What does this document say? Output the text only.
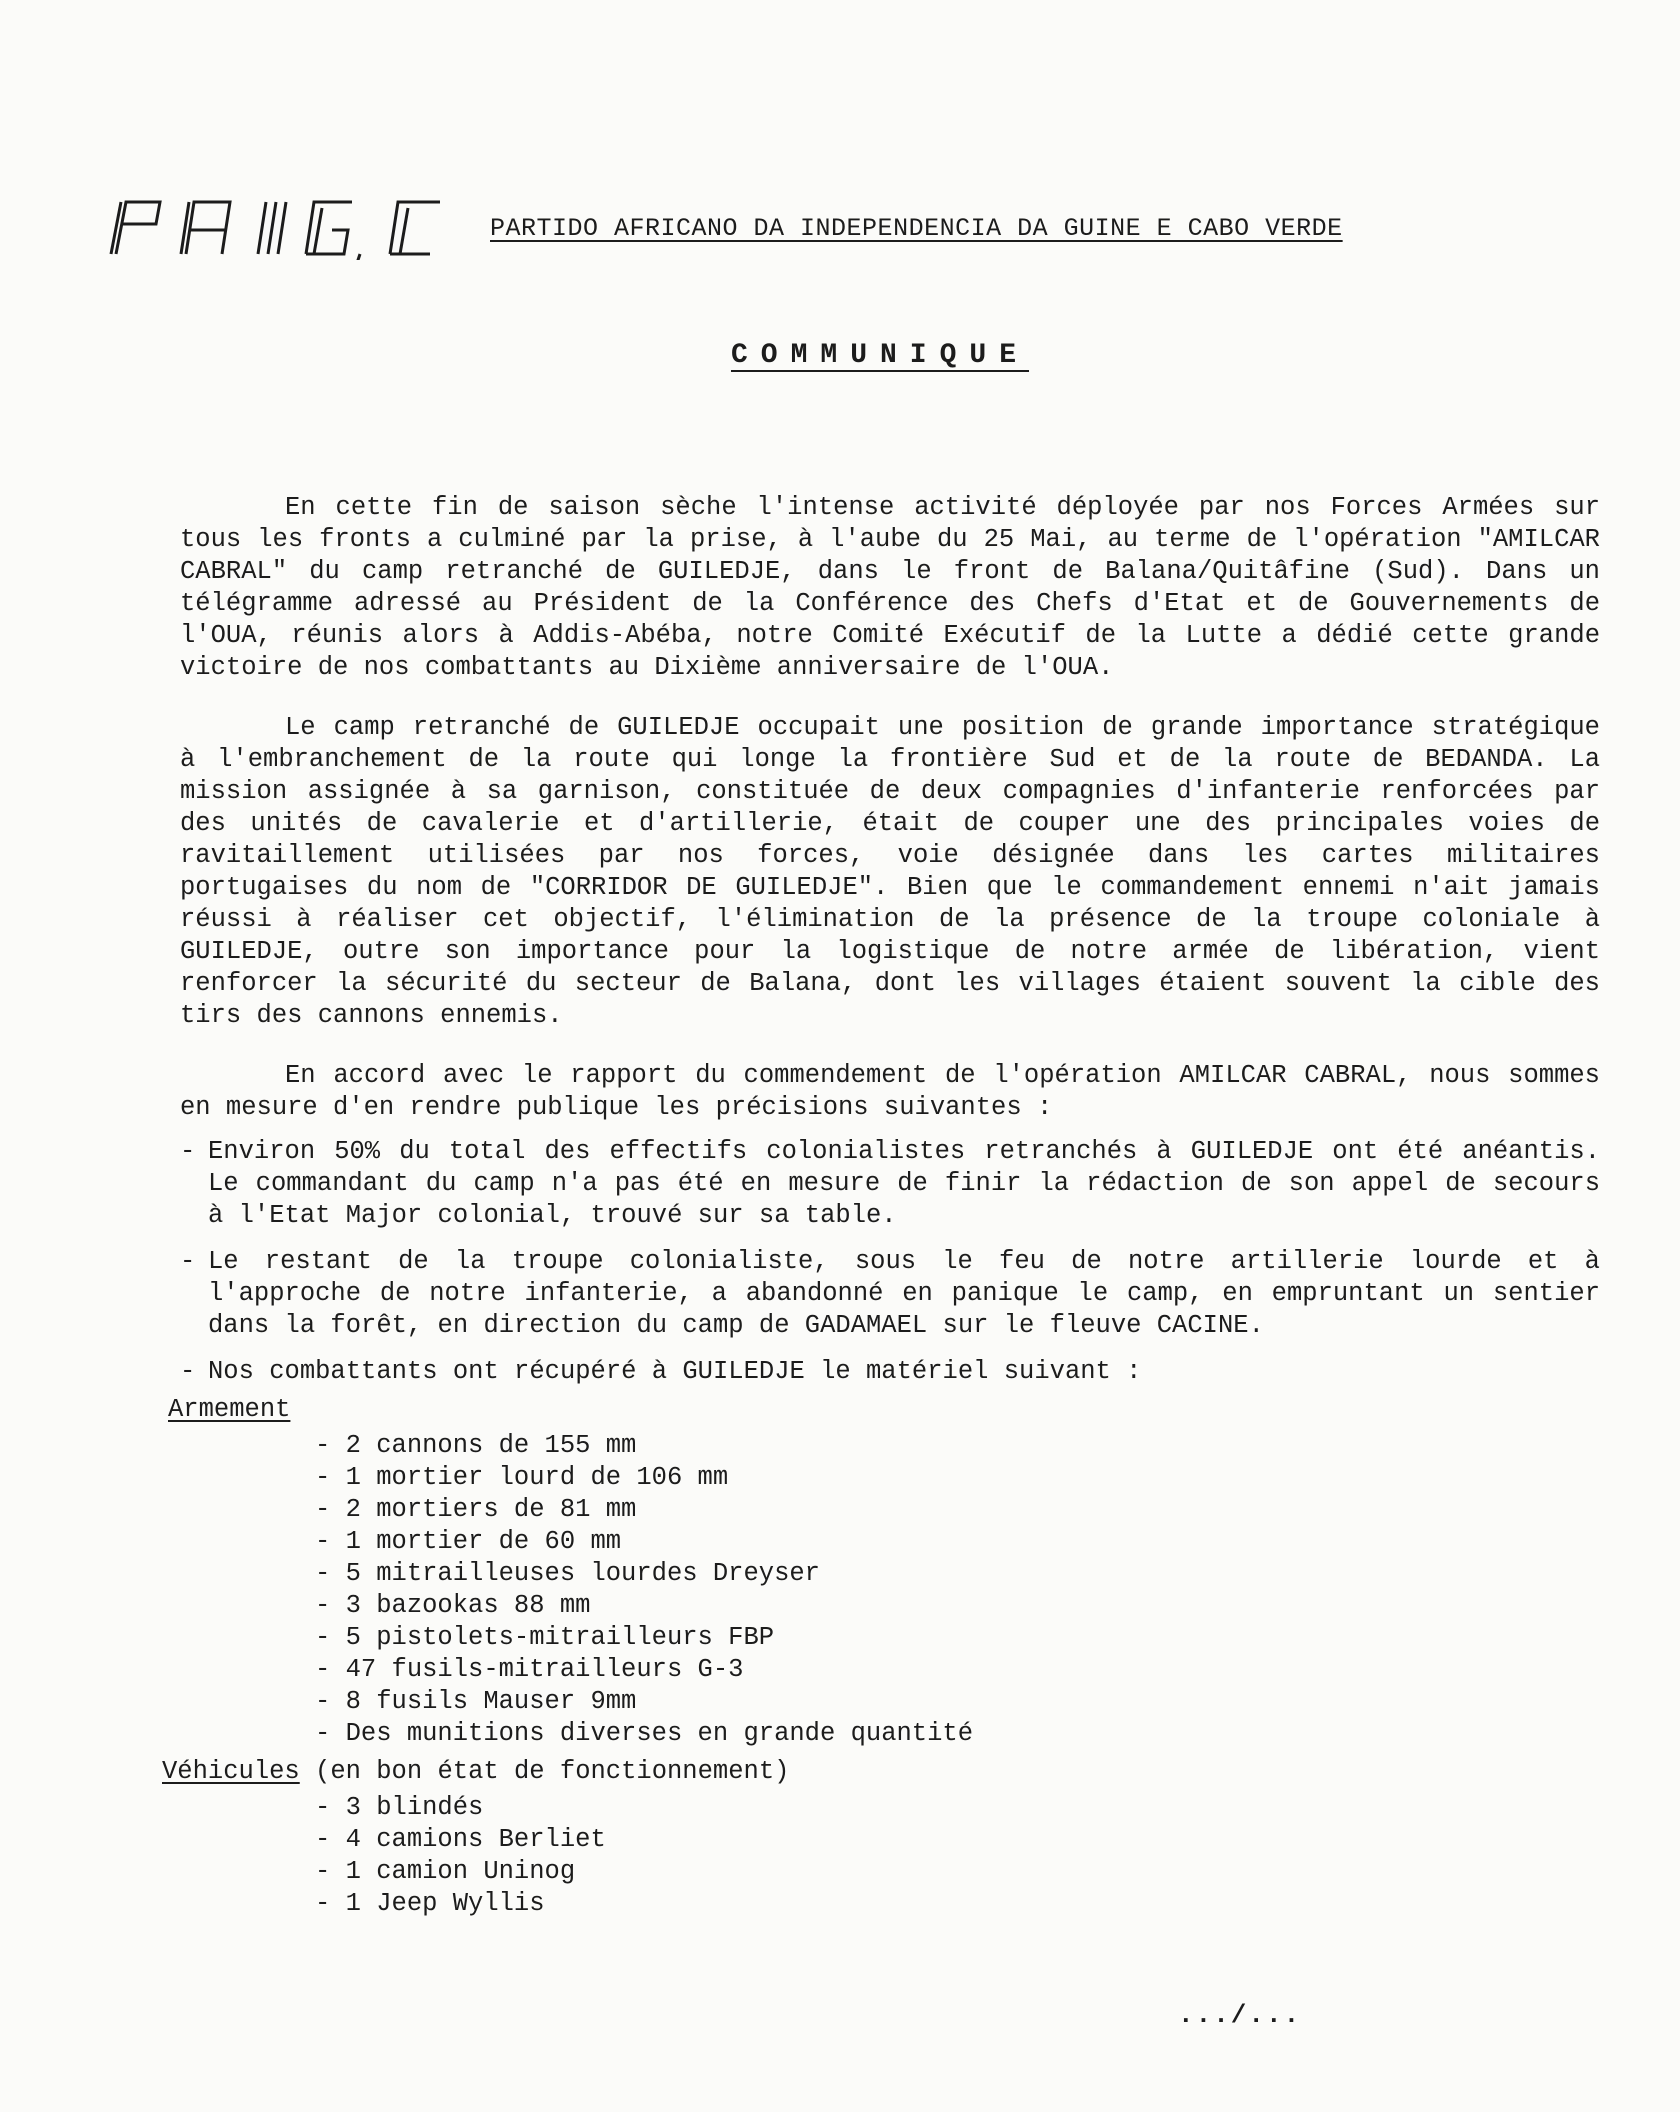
PARTIDO AFRICANO DA INDEPENDENCIA DA GUINE E CABO VERDE
COMMUNIQUE

En cette fin de saison sèche l'intense activité déployée par nos Forces Armées sur tous les fronts a culminé par la prise, à l'aube du 25 Mai, au terme de l'opération "AMILCAR CABRAL" du camp retranché de GUILEDJE, dans le front de Balana/Quitâfine (Sud). Dans un télégramme adressé au Président de la Conférence des Chefs d'Etat et de Gouvernements de l'OUA, réunis alors à Addis-Abéba, notre Comité Exécutif de la Lutte a dédié cette grande victoire de nos combattants au Dixième anniversaire de l'OUA.

Le camp retranché de GUILEDJE occupait une position de grande importance stratégique à l'embranchement de la route qui longe la frontière Sud et de la route de BEDANDA. La mission assignée à sa garnison, constituée de deux compagnies d'infanterie renforcées par des unités de cavalerie et d'artillerie, était de couper une des principales voies de ravitaillement utilisées par nos forces, voie désignée dans les cartes militaires portugaises du nom de "CORRIDOR DE GUILEDJE". Bien que le commandement ennemi n'ait jamais réussi à réaliser cet objectif, l'élimination de la présence de la troupe coloniale à GUILEDJE, outre son importance pour la logistique de notre armée de libération, vient renforcer la sécurité du secteur de Balana, dont les villages étaient souvent la cible des tirs des cannons ennemis.

En accord avec le rapport du commendement de l'opération AMILCAR CABRAL, nous sommes en mesure d'en rendre publique les précisions suivantes :

- Environ 50% du total des effectifs colonialistes retranchés à GUILEDJE ont été anéantis. Le commandant du camp n'a pas été en mesure de finir la rédaction de son appel de secours à l'Etat Major colonial, trouvé sur sa table.
- Le restant de la troupe colonialiste, sous le feu de notre artillerie lourde et à l'approche de notre infanterie, a abandonné en panique le camp, en empruntant un sentier dans la forêt, en direction du camp de GADAMAEL sur le fleuve CACINE.
- Nos combattants ont récupéré à GUILEDJE le matériel suivant :
Armement
- 2 cannons de 155 mm
- 1 mortier lourd de 106 mm
- 2 mortiers de 81 mm
- 1 mortier de 60 mm
- 5 mitrailleuses lourdes Dreyser
- 3 bazookas 88 mm
- 5 pistolets-mitrailleurs FBP
- 47 fusils-mitrailleurs G-3
- 8 fusils Mauser 9mm
- Des munitions diverses en grande quantité
Véhicules (en bon état de fonctionnement)
- 3 blindés
- 4 camions Berliet
- 1 camion Uninog
- 1 Jeep Wyllis
.../...
